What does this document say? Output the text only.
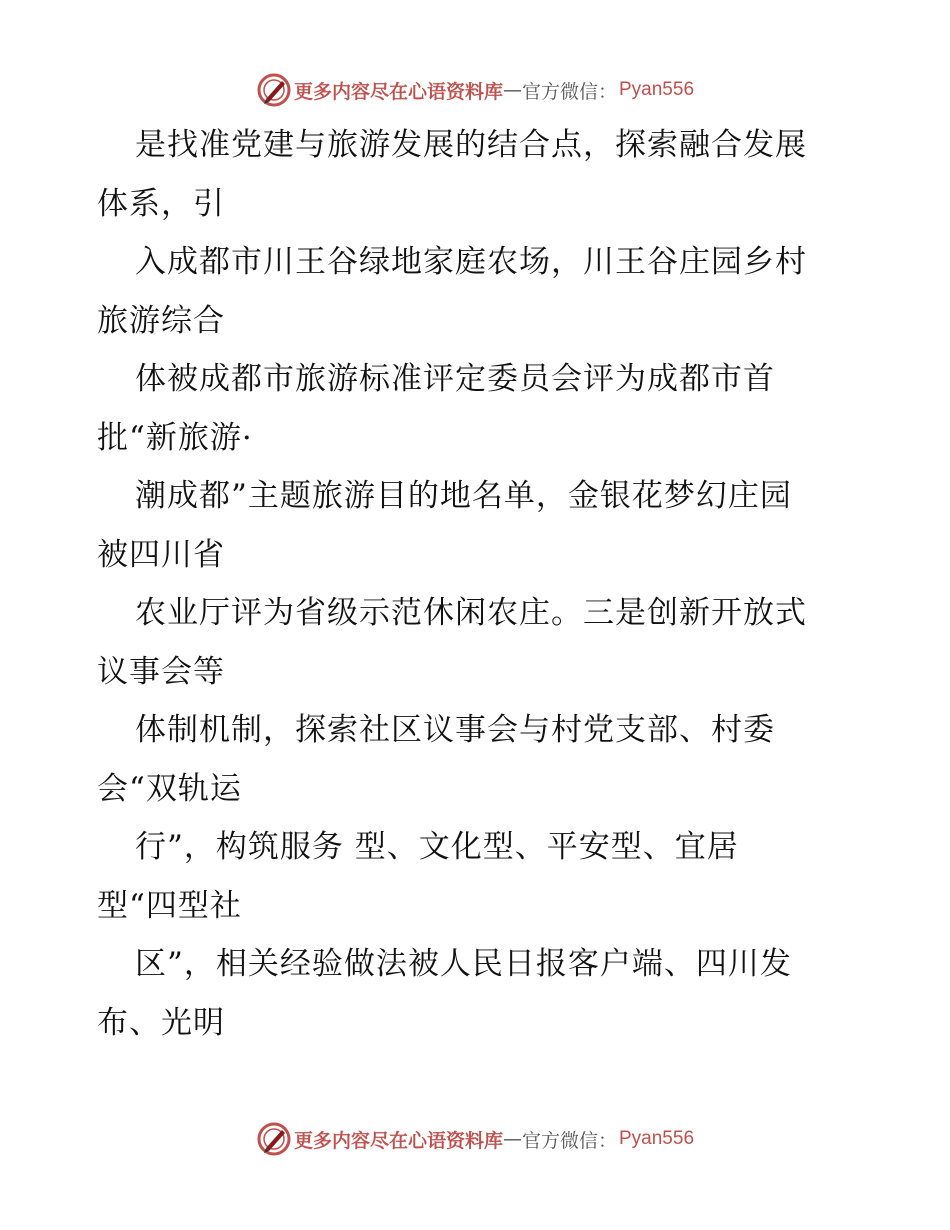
更多内容尽在心语资料库 — 官方微信： Pyan556
是找准党建与旅游发展的结合点，探索融合发展
体系，引
入成都市川王谷绿地家庭农场，川王谷庄园乡村
旅游综合
体被成都市旅游标准评定委员会评为成都市首
批“新旅游·
潮成都”主题旅游目的地名单，金银花梦幻庄园
被四川省
农业厅评为省级示范休闲农庄。三是创新开放式
议事会等
体制机制，探索社区议事会与村党支部、村委
会“双轨运
行”，构筑服务 型、文化型、平安型、宜居
型“四型社
区”，相关经验做法被人民日报客户端、四川发
布、光明
更多内容尽在心语资料库 — 官方微信： Pyan556
